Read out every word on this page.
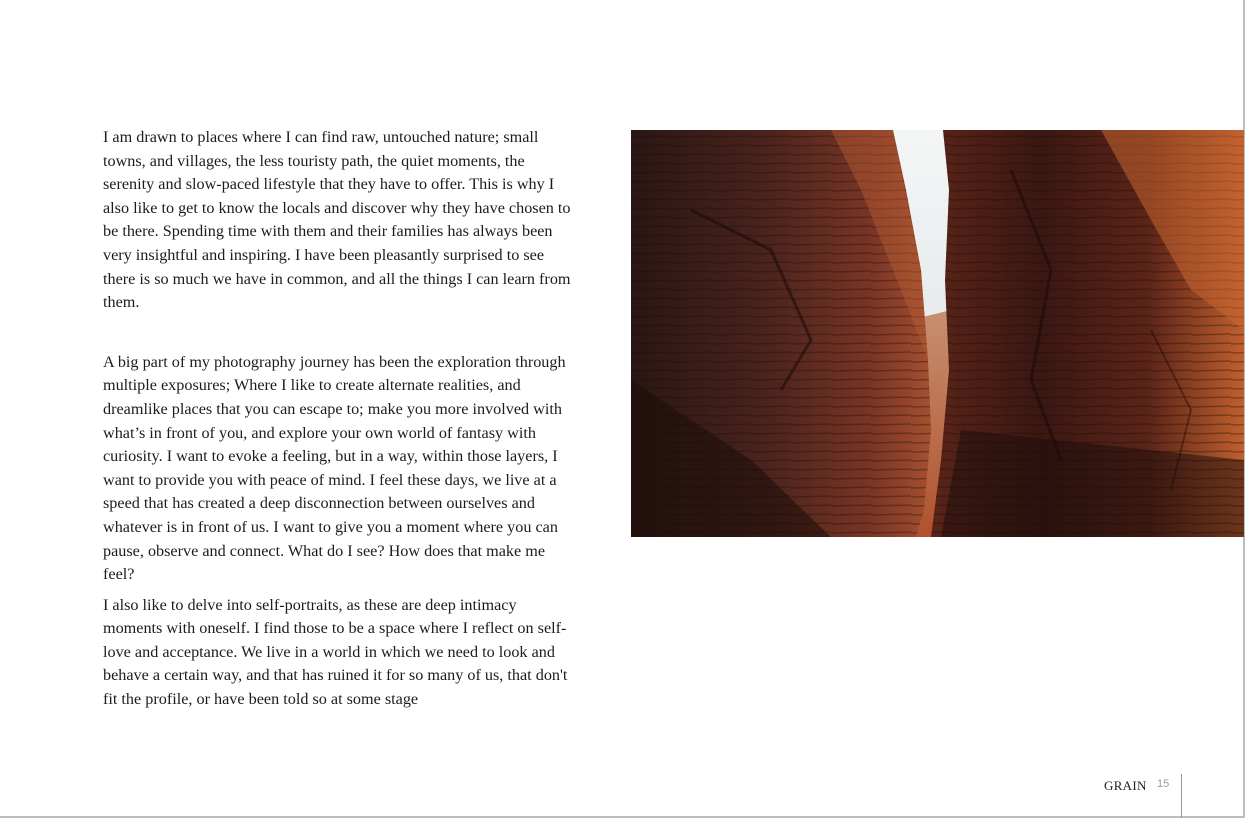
I am drawn to places where I can find raw, untouched nature; small towns, and villages, the less touristy path, the quiet moments, the serenity and slow-paced lifestyle that they have to offer. This is why I also like to get to know the locals and discover why they have chosen to be there. Spending time with them and their families has always been very insightful and inspiring. I have been pleasantly surprised to see there is so much we have in common, and all the things I can learn from them.

A big part of my photography journey has been the exploration through multiple exposures; Where I like to create alternate realities, and dreamlike places that you can escape to; make you more involved with what’s in front of you, and explore your own world of fantasy with curiosity. I want to evoke a feeling, but in a way, within those layers, I want to provide you with peace of mind. I feel these days, we live at a speed that has created a deep disconnection between ourselves and whatever is in front of us. I want to give you a moment where you can pause, observe and connect. What do I see? How does that make me feel?

I also like to delve into self-portraits, as these are deep intimacy moments with oneself. I find those to be a space where I reflect on self-love and acceptance. We live in a world in which we need to look and behave a certain way, and that has ruined it for so many of us, that don't fit the profile, or have been told so at some stage

GRAIN 15
